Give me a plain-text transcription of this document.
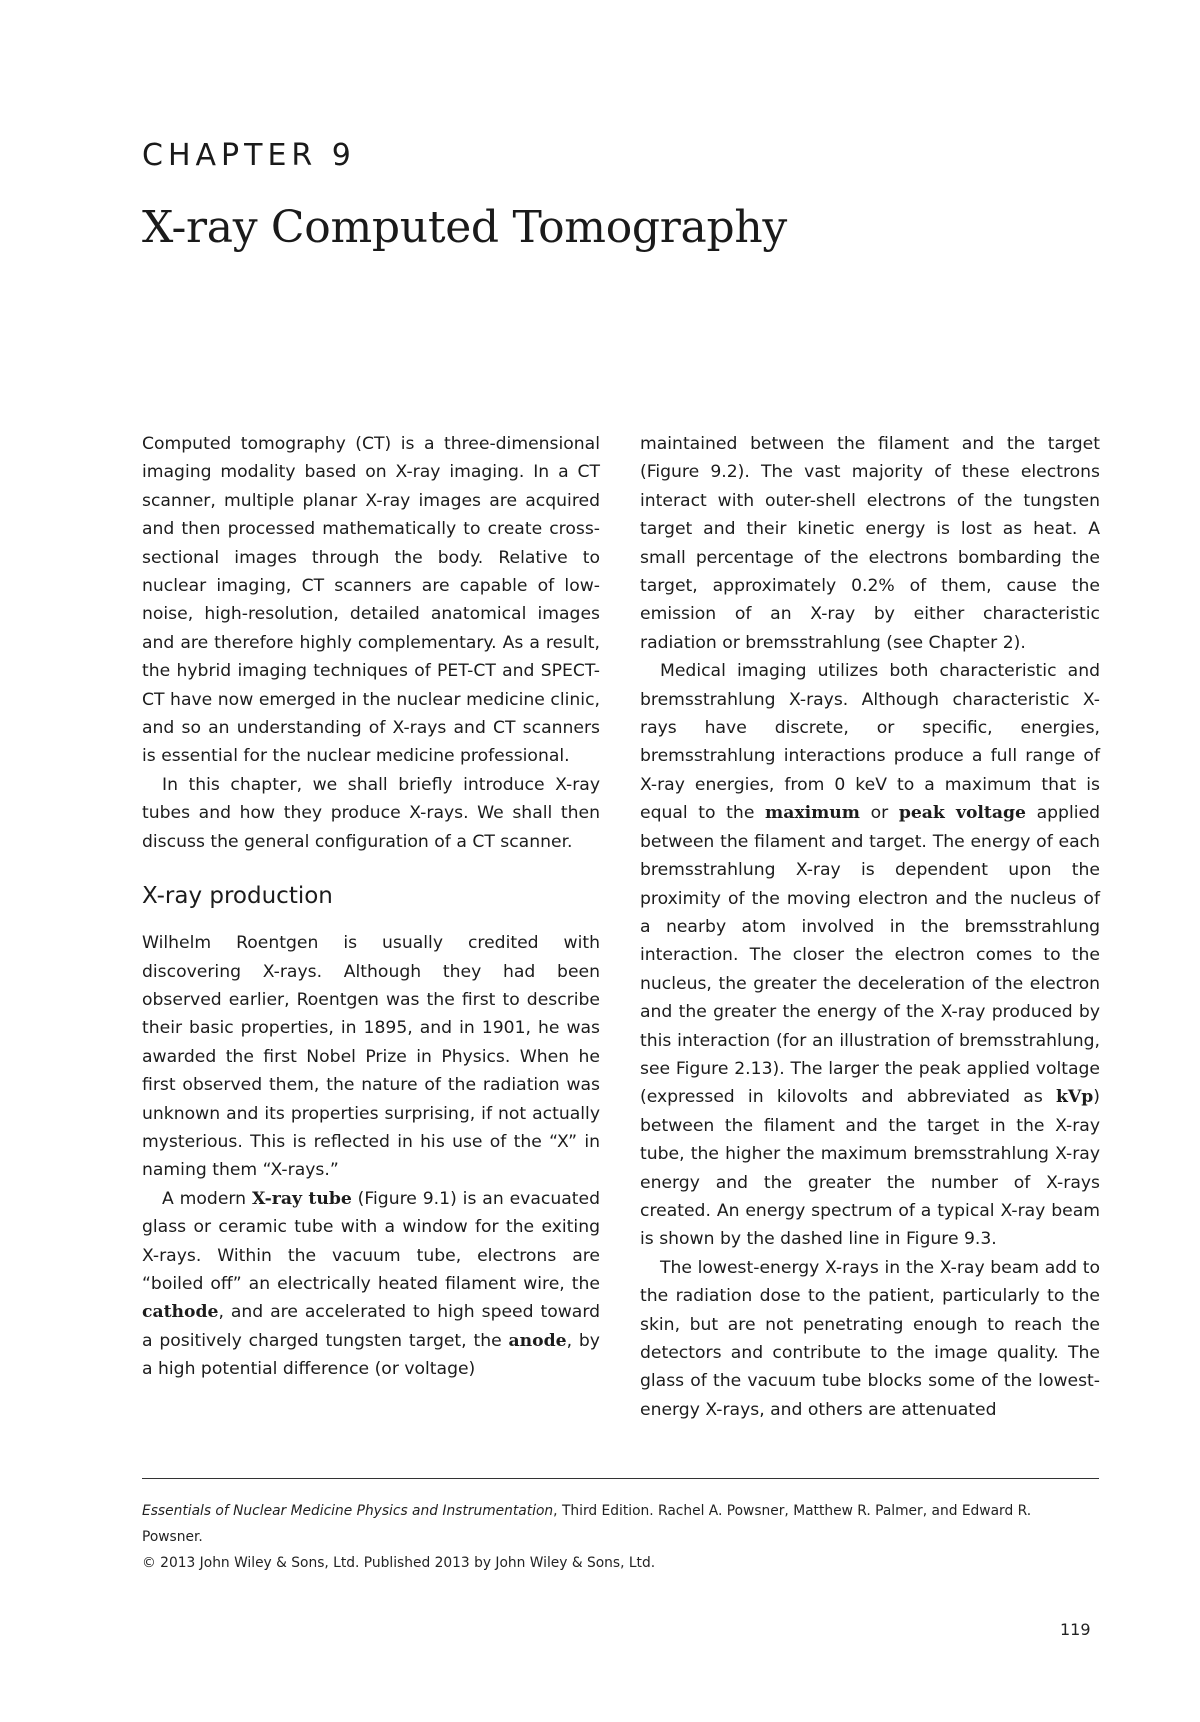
CHAPTER 9
X-ray Computed Tomography

Computed tomography (CT) is a three-dimensional imaging modality based on X-ray imaging. In a CT scanner, multiple planar X-ray images are acquired and then processed mathematically to create cross-sectional images through the body. Relative to nuclear imaging, CT scanners are capable of low-noise, high-resolution, detailed anatomical images and are therefore highly complementary. As a result, the hybrid imaging techniques of PET-CT and SPECT-CT have now emerged in the nuclear medicine clinic, and so an understanding of X-rays and CT scanners is essential for the nuclear medicine professional.

In this chapter, we shall briefly introduce X-ray tubes and how they produce X-rays. We shall then discuss the general configuration of a CT scanner.

X-ray production

Wilhelm Roentgen is usually credited with discovering X-rays. Although they had been observed earlier, Roentgen was the first to describe their basic properties, in 1895, and in 1901, he was awarded the first Nobel Prize in Physics. When he first observed them, the nature of the radiation was unknown and its properties surprising, if not actually mysterious. This is reflected in his use of the “X” in naming them “X-rays.”

A modern X-ray tube (Figure 9.1) is an evacuated glass or ceramic tube with a window for the exiting X-rays. Within the vacuum tube, electrons are “boiled off” an electrically heated filament wire, the cathode, and are accelerated to high speed toward a positively charged tungsten target, the anode, by a high potential difference (or voltage)

maintained between the filament and the target (Figure 9.2). The vast majority of these electrons interact with outer-shell electrons of the tungsten target and their kinetic energy is lost as heat. A small percentage of the electrons bombarding the target, approximately 0.2% of them, cause the emission of an X-ray by either characteristic radiation or bremsstrahlung (see Chapter 2).

Medical imaging utilizes both characteristic and bremsstrahlung X-rays. Although characteristic X-rays have discrete, or specific, energies, bremsstrahlung interactions produce a full range of X-ray energies, from 0 keV to a maximum that is equal to the maximum or peak voltage applied between the filament and target. The energy of each bremsstrahlung X-ray is dependent upon the proximity of the moving electron and the nucleus of a nearby atom involved in the bremsstrahlung interaction. The closer the electron comes to the nucleus, the greater the deceleration of the electron and the greater the energy of the X-ray produced by this interaction (for an illustration of bremsstrahlung, see Figure 2.13). The larger the peak applied voltage (expressed in kilovolts and abbreviated as kVp) between the filament and the target in the X-ray tube, the higher the maximum bremsstrahlung X-ray energy and the greater the number of X-rays created. An energy spectrum of a typical X-ray beam is shown by the dashed line in Figure 9.3.

The lowest-energy X-rays in the X-ray beam add to the radiation dose to the patient, particularly to the skin, but are not penetrating enough to reach the detectors and contribute to the image quality. The glass of the vacuum tube blocks some of the lowest-energy X-rays, and others are attenuated

Essentials of Nuclear Medicine Physics and Instrumentation, Third Edition. Rachel A. Powsner, Matthew R. Palmer, and Edward R. Powsner.
© 2013 John Wiley & Sons, Ltd. Published 2013 by John Wiley & Sons, Ltd.
119
